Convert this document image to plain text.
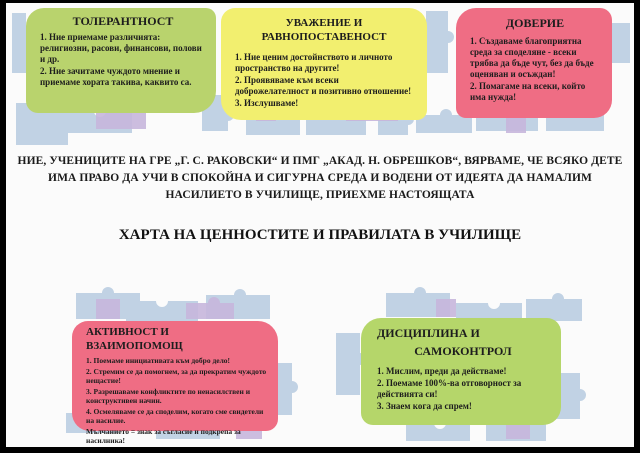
ТОЛЕРАНТНОСТ
1. Ние приемаме различията: религиозни, расови, финансови, полови и др.
2. Ние зачитаме чуждото мнение и приемаме хората такива, каквито са.
УВАЖЕНИЕ И РАВНОПОСТАВЕНОСТ
1. Ние ценим достойнството и личното пространство на другите!
2. Проявяваме към всеки доброжелателност и позитивно отношение!
3. Изслушваме!
ДОВЕРИЕ
1. Създаваме благоприятна среда за споделяне - всеки трябва да бъде чут, без да бъде оценяван и осъждан!
2. Помагаме на всеки, който има нужда!
НИЕ, УЧЕНИЦИТЕ НА ГРЕ „Г. С. РАКОВСКИ“ И ПМГ „АКАД. Н. ОБРЕШКОВ“, ВЯРВАМЕ, ЧЕ ВСЯКО ДЕТЕ ИМА ПРАВО ДА УЧИ В СПОКОЙНА И СИГУРНА СРЕДА И ВОДЕНИ ОТ ИДЕЯТА ДА НАМАЛИМ НАСИЛИЕТО В УЧИЛИЩЕ, ПРИЕХМЕ НАСТОЯЩАТА
ХАРТА НА ЦЕННОСТИТЕ И ПРАВИЛАТА В УЧИЛИЩЕ
АКТИВНОСТ И ВЗАИМОПОМОЩ
1. Поемаме инициативата към добро дело!
2. Стремим се да помогнем, за да прекратим чуждото нещастие!
3. Разрешаваме конфликтите по ненасилствен и конструктивен начин.
4. Осмеляваме се да споделим, когато сме свидетели на насилие.
Мълчанието = знак за съгласие и подкрепа за насилника!
ДИСЦИПЛИНА И
САМОКОНТРОЛ
1. Мислим, преди да действаме!
2. Поемаме 100%-ва отговорност за действията си!
3. Знаем кога да спрем!
